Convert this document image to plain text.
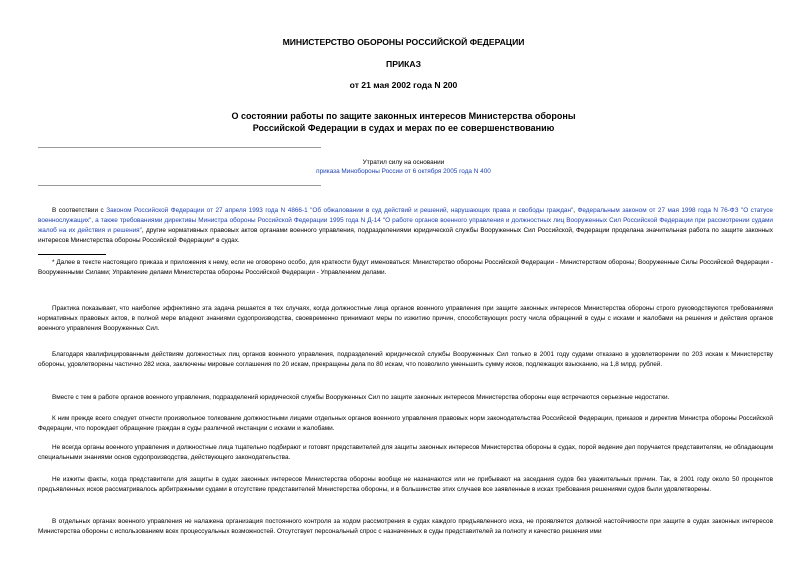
МИНИСТЕРСТВО ОБОРОНЫ РОССИЙСКОЙ ФЕДЕРАЦИИ
ПРИКАЗ
от 21 мая 2002 года N 200
О состоянии работы по защите законных интересов Министерства обороны
Российской Федерации в судах и мерах по ее совершенствованию
Утратил силу на основании
приказа Минобороны России от 6 октября 2005 года N 400
В соответствии с Законом Российской Федерации от 27 апреля 1993 года N 4866-1 "Об обжаловании в суд действий и решений, нарушающих права и свободы граждан", Федеральным законом от 27 мая 1998 года N 76-ФЗ "О статусе военнослужащих", а также требованиями директивы Министра обороны Российской Федерации 1995 года N Д-14 "О работе органов военного управления и должностных лиц Вооруженных Сил Российской Федерации при рассмотрении судами жалоб на их действия и решения", другие нормативных правовых актов органами военного управления, подразделениями юридической службы Вооруженных Сил Российской, Федерации проделана значительная работа по защите законных интересов Министерства обороны Российской Федерации* в судах.
* Далее в тексте настоящего приказа и приложения к нему, если не оговорено особо, для краткости будут именоваться: Министерство обороны Российской Федерации - Министерством обороны; Вооруженные Силы Российской Федерации - Вооруженными Силами; Управление делами Министерства обороны Российской Федерации - Управлением делами.
Практика показывает, что наиболее эффективно эта задача решается в тех случаях, когда должностные лица органов военного управления при защите законных интересов Министерства обороны строго руководствуются требованиями нормативных правовых актов, в полной мере владеют знаниями судопроизводства, своевременно принимают меры по изжитию причин, способствующих росту числа обращений в суды с исками и жалобами на решения и действия органов военного управления Вооруженных Сил.
Благодаря квалифицированным действиям должностных лиц органов военного управления, подразделений юридической службы Вооруженных Сил только в 2001 году судами отказано в удовлетворении по 203 искам к Министерству обороны, удовлетворены частично 282 иска, заключены мировые соглашения по 20 искам, прекращены дела по 80 искам, что позволило уменьшить сумму исков, подлежащих взысканию, на 1,8 млрд. рублей.
Вместе с тем в работе органов военного управления, подразделений юридической службы Вооруженных Сил по защите законных интересов Министерства обороны еще встречаются серьезные недостатки.
К ним прежде всего следует отнести произвольное толкование должностными лицами отдельных органов военного управления правовых норм законодательства Российской Федерации, приказов и директив Министра обороны Российской Федерации, что порождает обращение граждан в суды различной инстанции с исками и жалобами.
Не всегда органы военного управления и должностные лица тщательно подбирают и готовят представителей для защиты законных интересов Министерства обороны в судах, порой ведение дел поручается представителям, не обладающим специальными знаниями основ судопроизводства, действующего законодательства.
Не изжиты факты, когда представители для защиты в судах законных интересов Министерства обороны вообще не назначаются или не прибывают на заседания судов без уважительных причин. Так, в 2001 году около 50 процентов предъявленных исков рассматривалось арбитражными судами в отсутствие представителей Министерства обороны, и в большинстве этих случаев все заявленные в исках требования решениями судов были удовлетворены.
В отдельных органах военного управления не налажена организация постоянного контроля за ходом рассмотрения в судах каждого предъявленного иска, не проявляется должной настойчивости при защите в судах законных интересов Министерства обороны с использованием всех процессуальных возможностей. Отсутствует персональный спрос с назначенных в суды представителей за полноту и качество решения ими
